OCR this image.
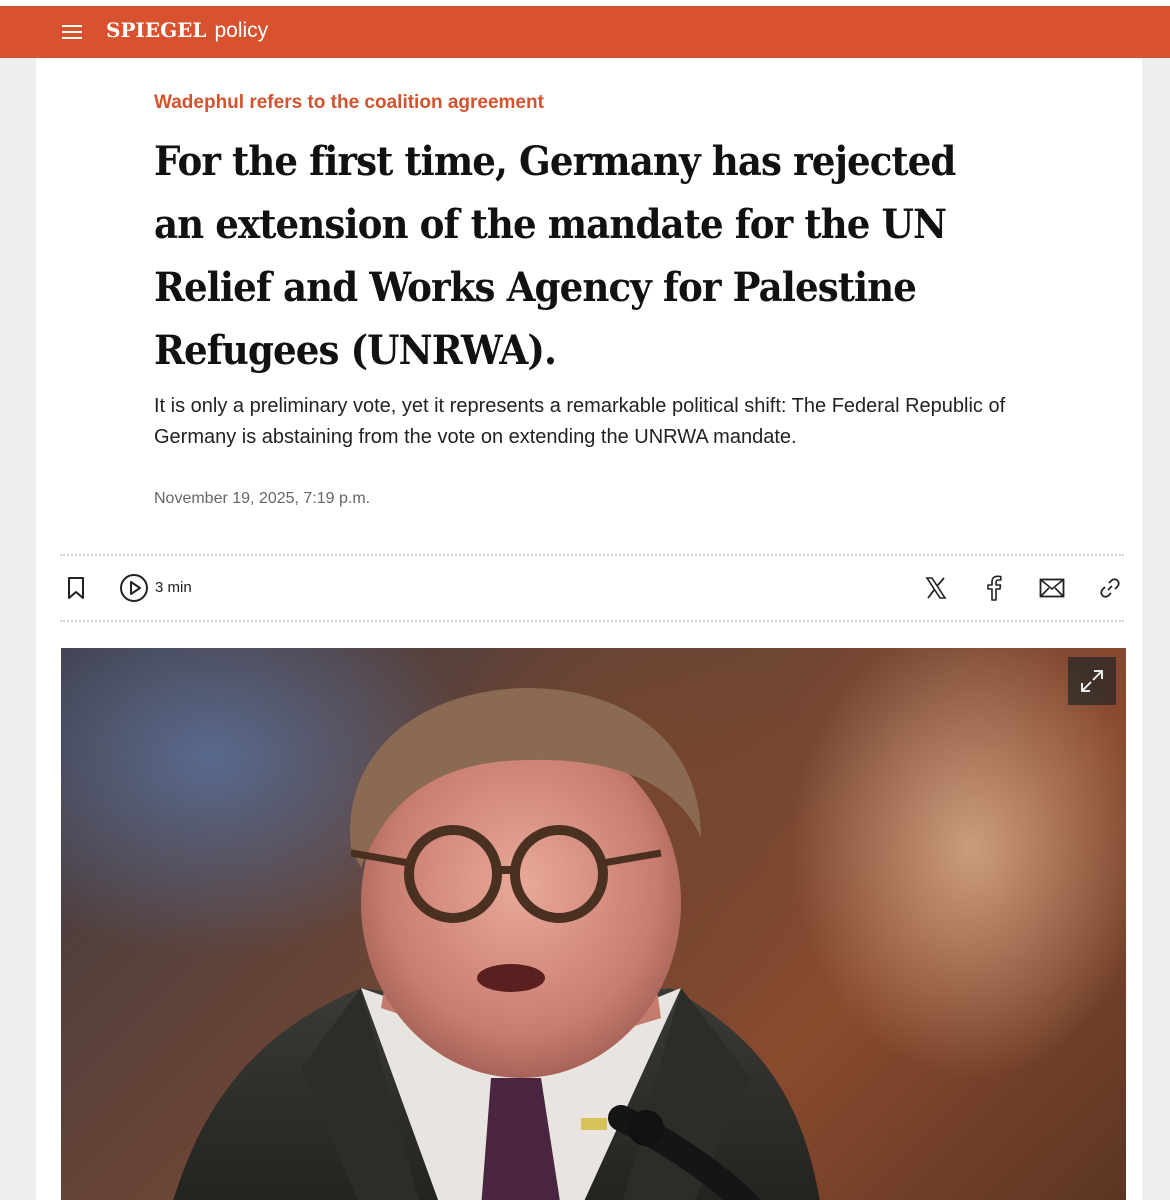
SPIEGEL policy
Wadephul refers to the coalition agreement
For the first time, Germany has rejected an extension of the mandate for the UN Relief and Works Agency for Palestine Refugees (UNRWA).

It is only a preliminary vote, yet it represents a remarkable political shift: The Federal Republic of Germany is abstaining from the vote on extending the UNRWA mandate.

November 19, 2025, 7:19 p.m.
3 min
